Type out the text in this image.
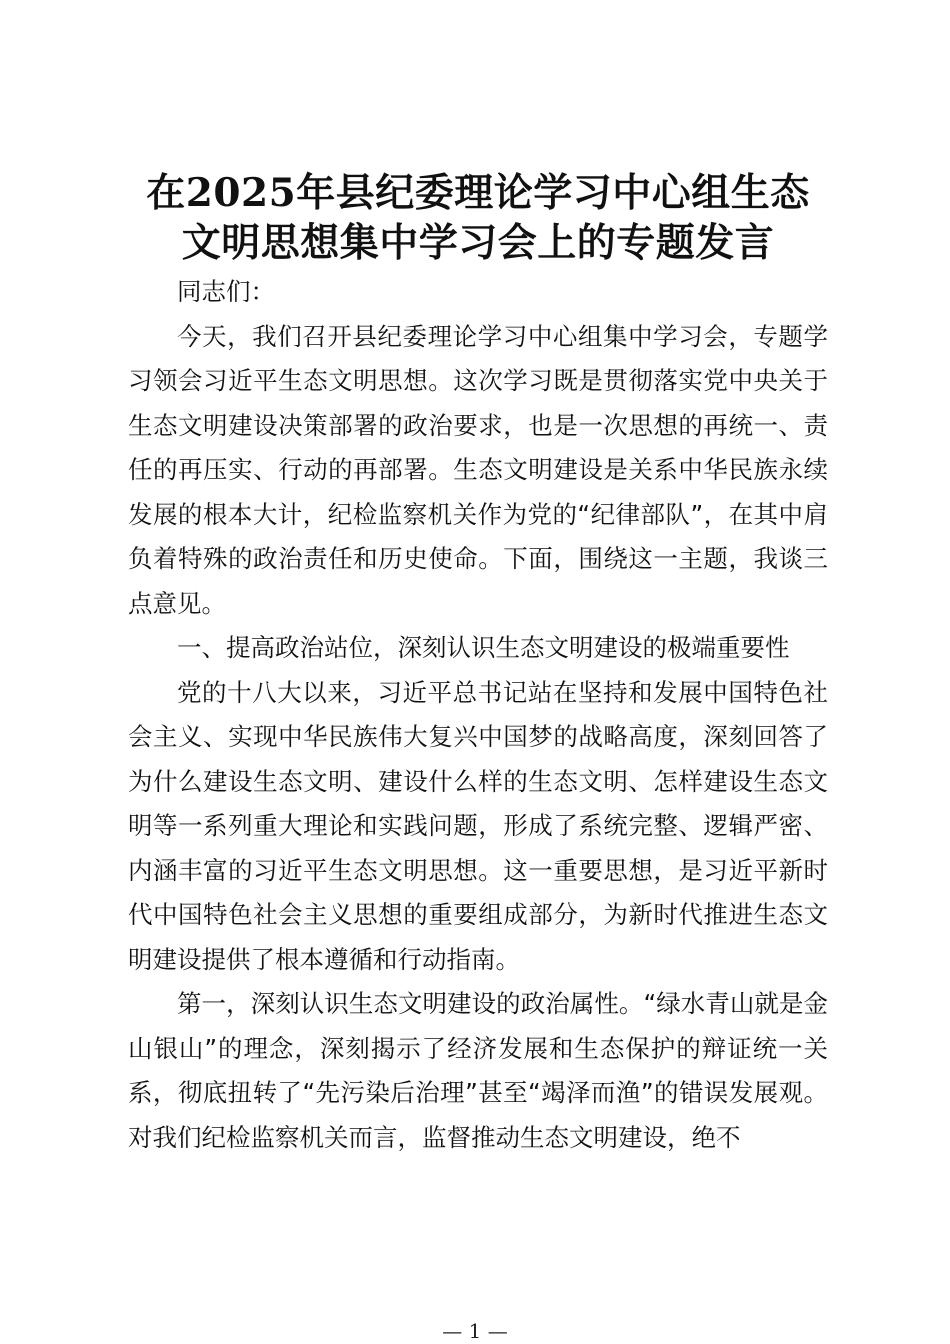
在2025年县纪委理论学习中心组生态
文明思想集中学习会上的专题发言

同志们：

今天，我们召开县纪委理论学习中心组集中学习会，专题学习领会习近平生态文明思想。这次学习既是贯彻落实党中央关于生态文明建设决策部署的政治要求，也是一次思想的再统一、责任的再压实、行动的再部署。生态文明建设是关系中华民族永续发展的根本大计，纪检监察机关作为党的“纪律部队”，在其中肩负着特殊的政治责任和历史使命。下面，围绕这一主题，我谈三点意见。

一、提高政治站位，深刻认识生态文明建设的极端重要性

党的十八大以来，习近平总书记站在坚持和发展中国特色社会主义、实现中华民族伟大复兴中国梦的战略高度，深刻回答了为什么建设生态文明、建设什么样的生态文明、怎样建设生态文明等一系列重大理论和实践问题，形成了系统完整、逻辑严密、内涵丰富的习近平生态文明思想。这一重要思想，是习近平新时代中国特色社会主义思想的重要组成部分，为新时代推进生态文明建设提供了根本遵循和行动指南。

第一，深刻认识生态文明建设的政治属性。“绿水青山就是金山银山”的理念，深刻揭示了经济发展和生态保护的辩证统一关系，彻底扭转了“先污染后治理”甚至“竭泽而渔”的错误发展观。对我们纪检监察机关而言，监督推动生态文明建设，绝不

— 1 —
